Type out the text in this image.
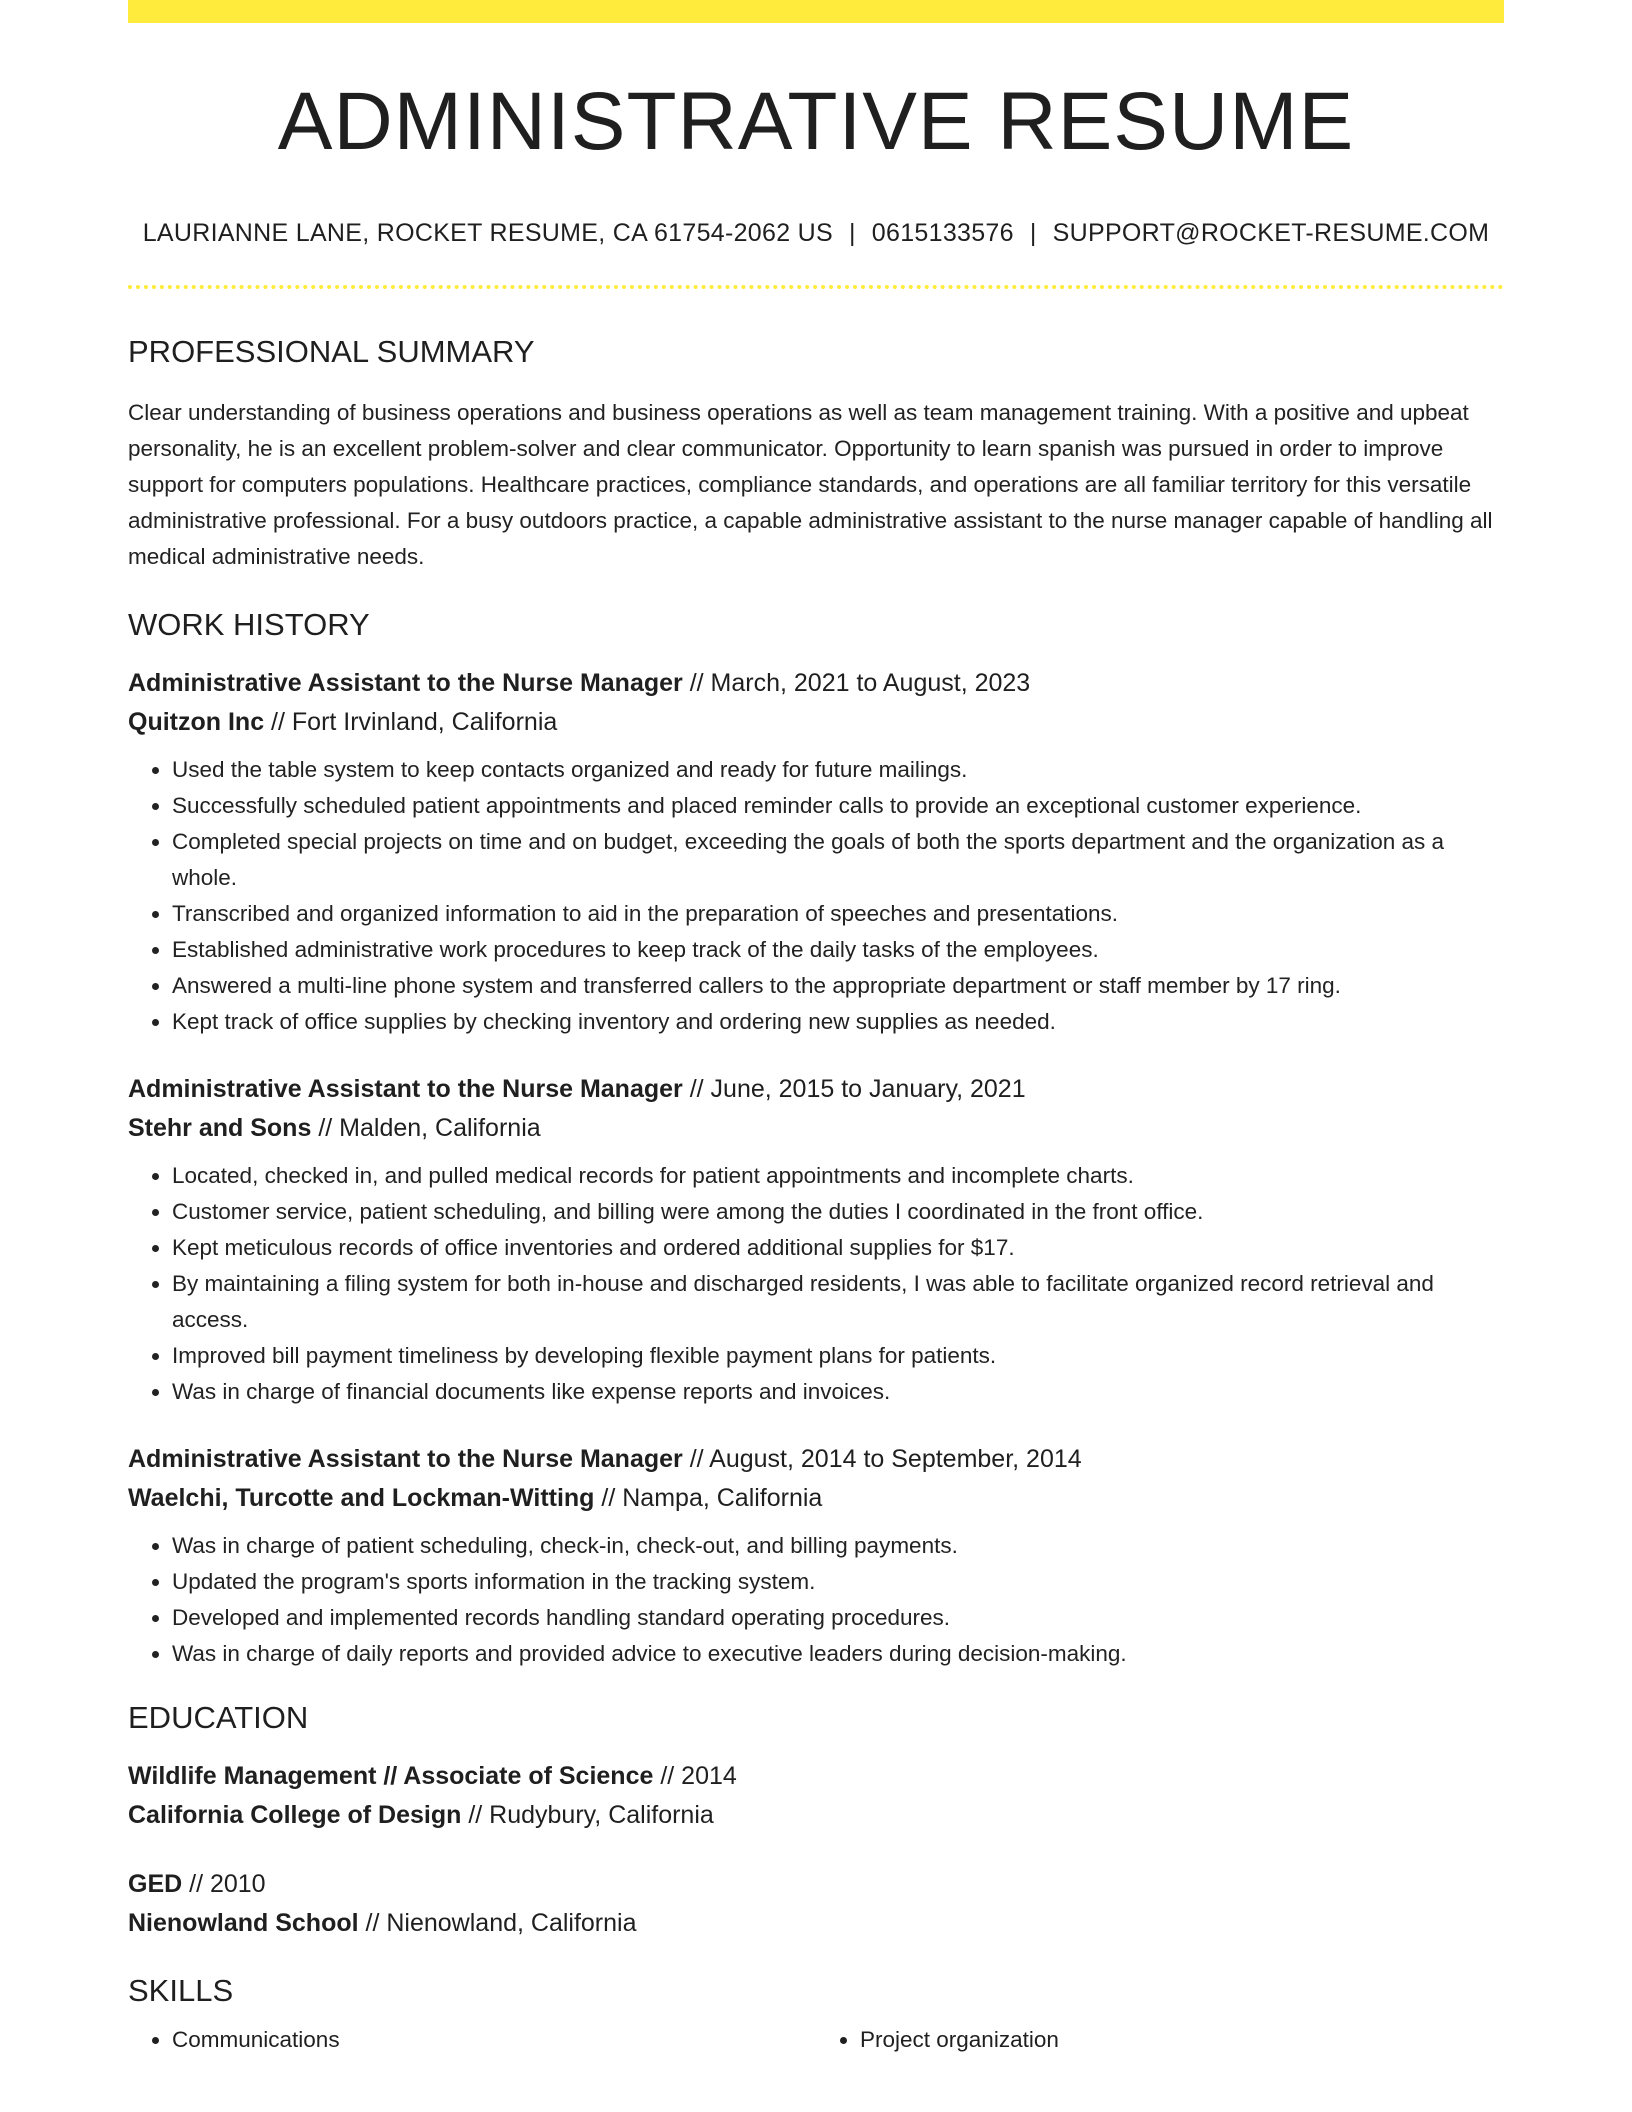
ADMINISTRATIVE RESUME
LAURIANNE LANE, ROCKET RESUME, CA 61754-2062 US | 0615133576 | SUPPORT@ROCKET-RESUME.COM
PROFESSIONAL SUMMARY

Clear understanding of business operations and business operations as well as team management training. With a positive and upbeat personality, he is an excellent problem-solver and clear communicator. Opportunity to learn spanish was pursued in order to improve support for computers populations. Healthcare practices, compliance standards, and operations are all familiar territory for this versatile administrative professional. For a busy outdoors practice, a capable administrative assistant to the nurse manager capable of handling all medical administrative needs.

WORK HISTORY
Administrative Assistant to the Nurse Manager // March, 2021 to August, 2023
Quitzon Inc // Fort Irvinland, California
• Used the table system to keep contacts organized and ready for future mailings.
• Successfully scheduled patient appointments and placed reminder calls to provide an exceptional customer experience.
• Completed special projects on time and on budget, exceeding the goals of both the sports department and the organization as a whole.
• Transcribed and organized information to aid in the preparation of speeches and presentations.
• Established administrative work procedures to keep track of the daily tasks of the employees.
• Answered a multi-line phone system and transferred callers to the appropriate department or staff member by 17 ring.
• Kept track of office supplies by checking inventory and ordering new supplies as needed.
Administrative Assistant to the Nurse Manager // June, 2015 to January, 2021
Stehr and Sons // Malden, California
• Located, checked in, and pulled medical records for patient appointments and incomplete charts.
• Customer service, patient scheduling, and billing were among the duties I coordinated in the front office.
• Kept meticulous records of office inventories and ordered additional supplies for $17.
• By maintaining a filing system for both in-house and discharged residents, I was able to facilitate organized record retrieval and access.
• Improved bill payment timeliness by developing flexible payment plans for patients.
• Was in charge of financial documents like expense reports and invoices.
Administrative Assistant to the Nurse Manager // August, 2014 to September, 2014
Waelchi, Turcotte and Lockman-Witting // Nampa, California
• Was in charge of patient scheduling, check-in, check-out, and billing payments.
• Updated the program's sports information in the tracking system.
• Developed and implemented records handling standard operating procedures.
• Was in charge of daily reports and provided advice to executive leaders during decision-making.
EDUCATION
Wildlife Management // Associate of Science // 2014
California College of Design // Rudybury, California
GED // 2010
Nienowland School // Nienowland, California
SKILLS
• Communications
•	Project organization
